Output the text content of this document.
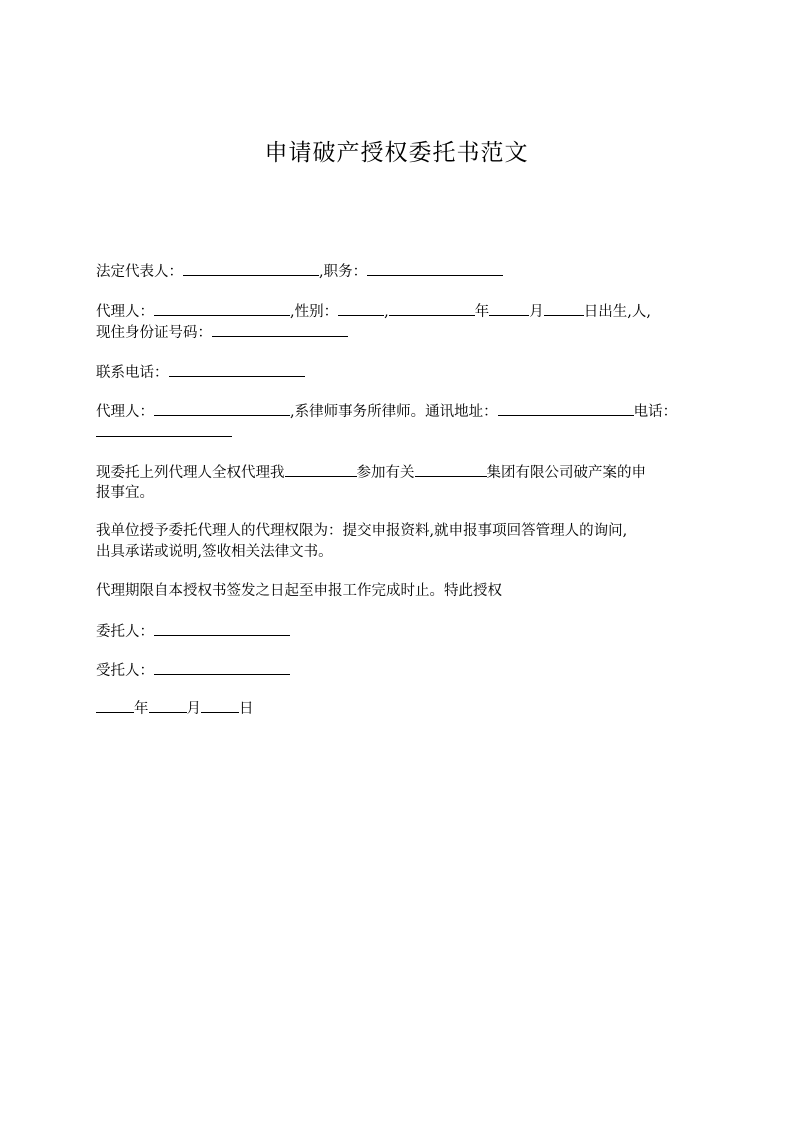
申请破产授权委托书范文
法定代表人：	,职务：
代理人：	,性别：	,	年	月	日出生,人,
现住身份证号码：
联系电话：
代理人：	,系律师事务所律师。通讯地址：	电话：
现委托上列代理人全权代理我	参加有关	集团有限公司破产案的申
报事宜。
我单位授予委托代理人的代理权限为：提交申报资料,就申报事项回答管理人的询问,
出具承诺或说明,签收相关法律文书。
代理期限自本授权书签发之日起至申报工作完成时止。特此授权
委托人：
受托人：
年	月	日
